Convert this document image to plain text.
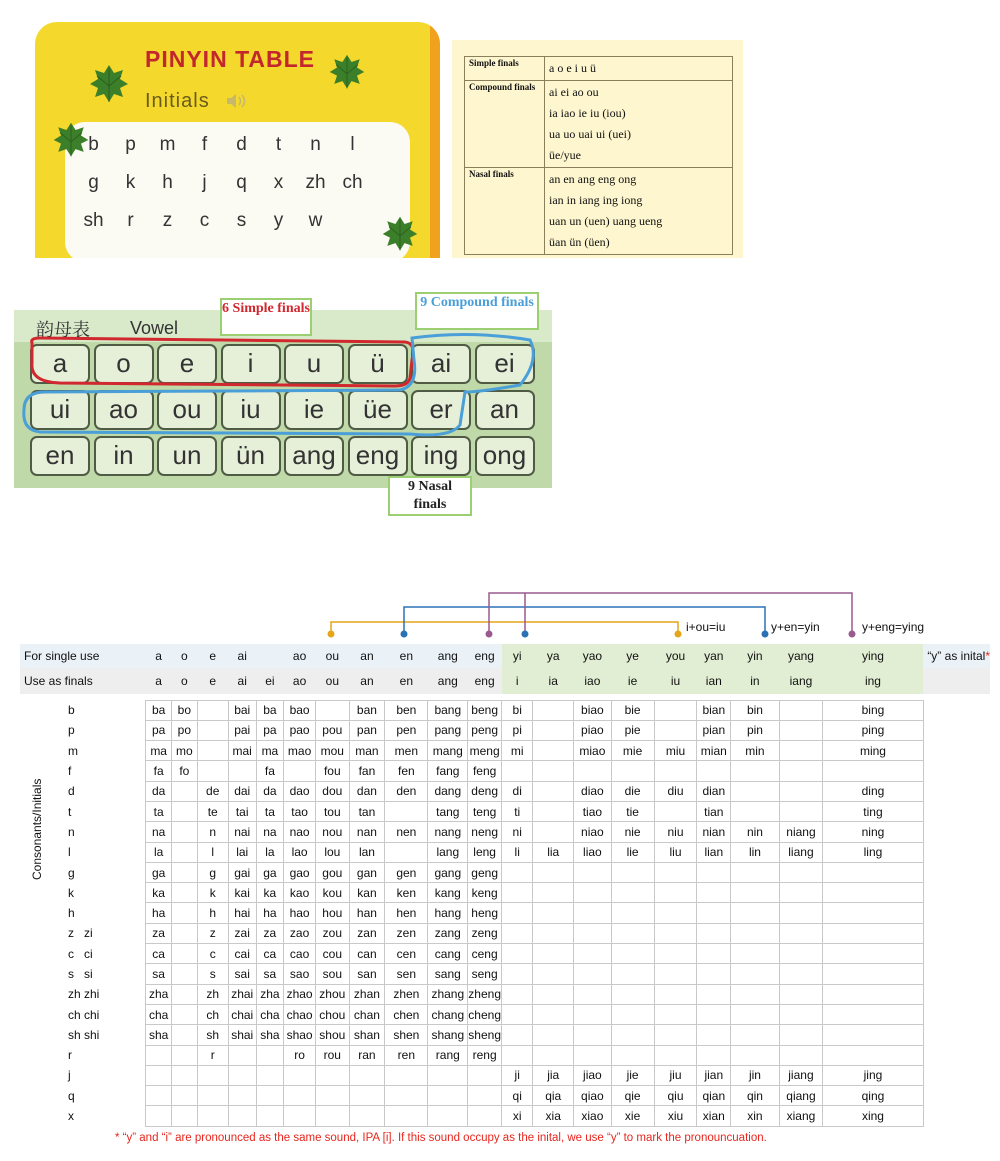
PINYIN TABLE
Initials
b	p	m	f	d	t	n	l
g	k	h	j	q	x	zh ch
sh	r	z	c	s	y	w
Simple finals	a o e i u ü
Compound finals	ai ei ao ou
ia iao ie iu (iou)
ua uo uai ui (uei)
üe/yue

Nasal finals	an en ang eng ong
ian in iang ing iong
uan un (uen) uang ueng
üan ün (üen)
韵母表 Vowel
a	o	e	i	u	ü	ai	ei
ui	ao	ou	iu	ie	üe	er	an
en	in	un	ün	ang eng ing ong
6 Simple finals	9 Compound finals
9 Nasal finals
i+ou=iu	y+en=yin	y+eng=ying
For single use		a	o	e	ai		ao	ou	an	en	ang	eng	yi	ya	yao	ye	you	yan	yin	yang	ying	“y” as inital*
Use as finals		a	o	e	ai	ei	ao	ou	an	en	ang	eng	i	ia	iao	ie	iu	ian	in	iang	ing	

b		ba	bo		bai	ba	bao		ban	ben	bang	beng	bi		biao	bie		bian	bin		bing	
p		pa	po		pai	pa	pao	pou	pan	pen	pang	peng	pi		piao	pie		pian	pin		ping	
m		ma	mo		mai	ma	mao	mou	man	men	mang	meng	mi		miao	mie	miu	mian	min		ming	
f		fa	fo			fa		fou	fan	fen	fang	feng										
d		da		de	dai	da	dao	dou	dan	den	dang	deng	di		diao	die	diu	dian			ding	
t		ta		te	tai	ta	tao	tou	tan		tang	teng	ti		tiao	tie		tian			ting	
n		na		n	nai	na	nao	nou	nan	nen	nang	neng	ni		niao	nie	niu	nian	nin	niang	ning	
l		la		l	lai	la	lao	lou	lan		lang	leng	li	lia	liao	lie	liu	lian	lin	liang	ling	
g		ga		g	gai	ga	gao	gou	gan	gen	gang	geng										
k		ka		k	kai	ka	kao	kou	kan	ken	kang	keng										
h		ha		h	hai	ha	hao	hou	han	hen	hang	heng										
z   zi		za		z	zai	za	zao	zou	zan	zen	zang	zeng										
c   ci		ca		c	cai	ca	cao	cou	can	cen	cang	ceng										
s   si		sa		s	sai	sa	sao	sou	san	sen	sang	seng										
zh zhi		zha		zh	zhai	zha	zhao	zhou	zhan	zhen	zhang	zheng										
ch chi		cha		ch	chai	cha	chao	chou	chan	chen	chang	cheng										
sh shi		sha		sh	shai	sha	shao	shou	shan	shen	shang	sheng										
r				r			ro	rou	ran	ren	rang	reng										
j													ji	jia	jiao	jie	jiu	jian	jin	jiang	jing	
q													qi	qia	qiao	qie	qiu	qian	qin	qiang	qing	
x													xi	xia	xiao	xie	xiu	xian	xin	xiang	xing	
Consonants/Initials
* “y” and “i” are pronounced as the same sound, IPA [i]. If this sound occupy as the inital, we use “y” to mark the pronouncuation.
